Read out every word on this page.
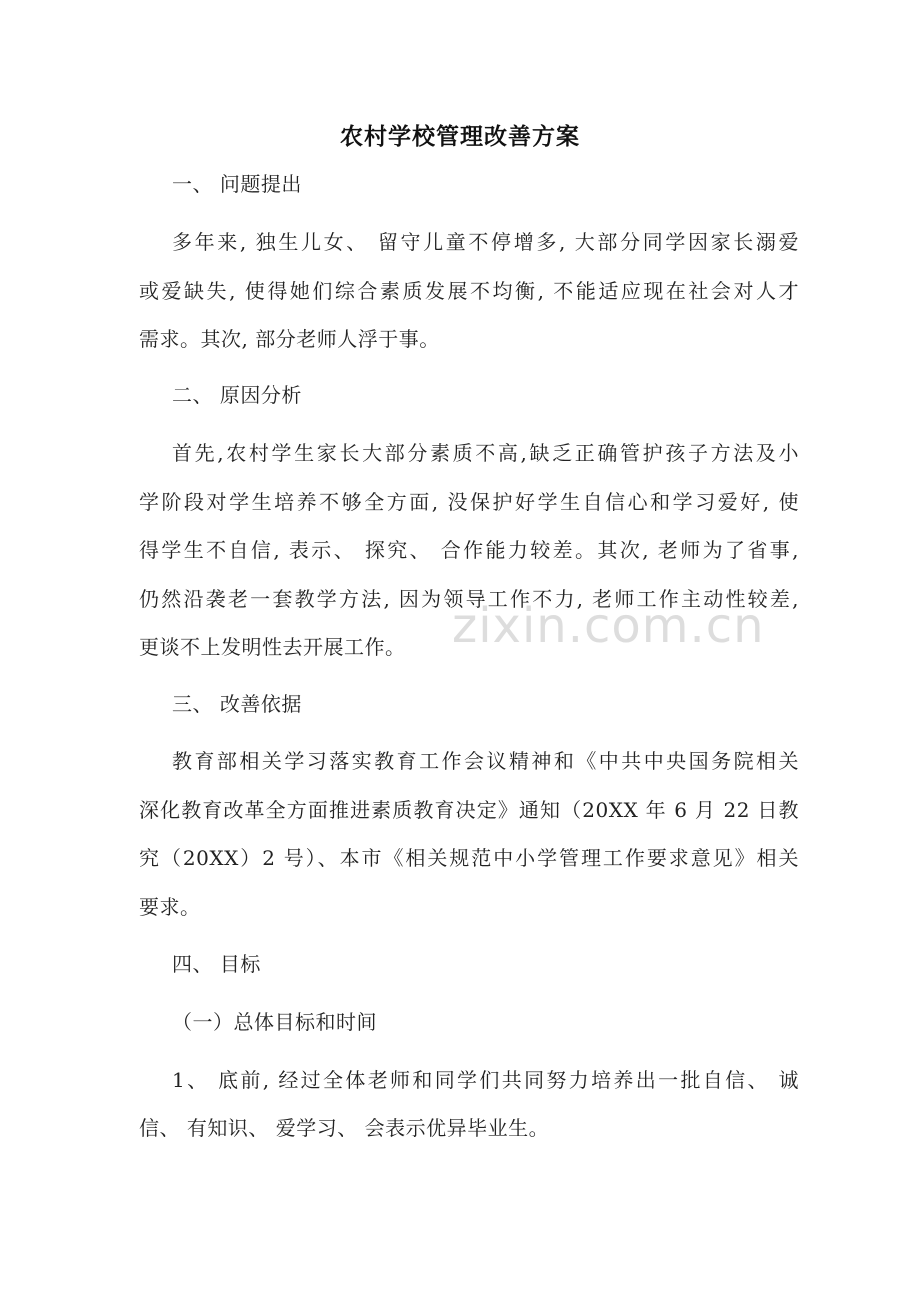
农村学校管理改善方案
一、 问题提出
多年来, 独生儿女、 留守儿童不停增多, 大部分同学因家长溺爱
或爱缺失, 使得她们综合素质发展不均衡, 不能适应现在社会对人才
需求。其次, 部分老师人浮于事。
二、 原因分析
首先,农村学生家长大部分素质不高,缺乏正确管护孩子方法及小
学阶段对学生培养不够全方面, 没保护好学生自信心和学习爱好, 使
得学生不自信, 表示、 探究、 合作能力较差。其次, 老师为了省事,
仍然沿袭老一套教学方法, 因为领导工作不力, 老师工作主动性较差,
更谈不上发明性去开展工作。
三、 改善依据
教育部相关学习落实教育工作会议精神和《中共中央国务院相关
深化教育改革全方面推进素质教育决定》通知（20XX 年 6 月 22 日教
究（20XX）2 号）、本市《相关规范中小学管理工作要求意见》相关
要求。
四、 目标
（一）总体目标和时间
1、 底前, 经过全体老师和同学们共同努力培养出一批自信、 诚
信、 有知识、 爱学习、 会表示优异毕业生。
zixin.com.cn
